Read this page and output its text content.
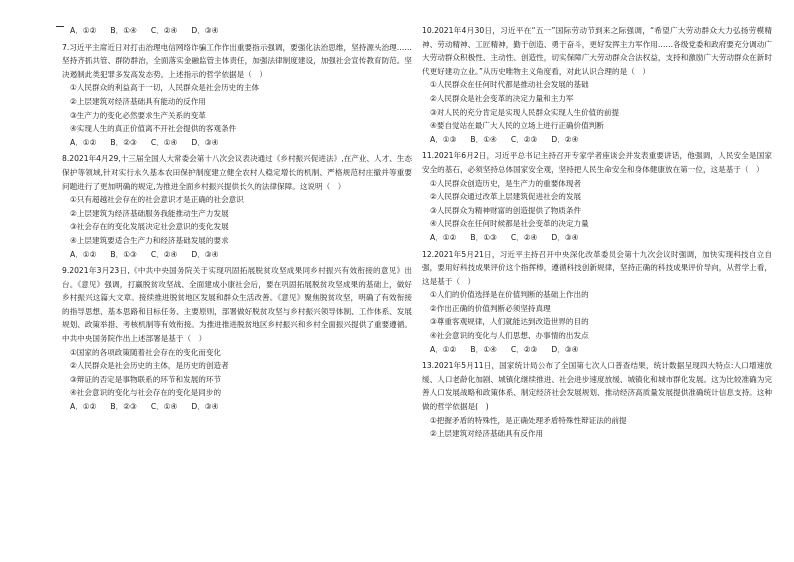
A．①②　 B．①④　 C．②④　 D．③④

7.习近平主席近日对打击治理电信网络诈骗工作作出重要指示强调，要强化法治思维，坚持源头治理……坚持齐抓共管、群防群治，全面落实金融监管主体责任，加强法律制度建设，加强社会宣传教育防范。坚决遏制此类犯罪多发高发态势。上述指示的哲学依据是（　）

①人民群众的利益高于一切，人民群众是社会历史的主体

②上层建筑对经济基础具有能动的反作用

③生产力的变化必然要求生产关系的变革

④实现人生的真正价值离不开社会提供的客观条件

A．①②　 B．②③　 C．①④　 D．③④

8.2021年4月29,十三届全国人大常委会第十八次会议表决通过《乡村振兴促进法》,在产业、人才、生态保护等领域,针对实行永久基本农田保护制度建立健全农村人稳定增长的机制、严格规范村庄撤并等重要问题进行了更加明确的规定,为推进全面乡村振兴提供长久的法律保障。这说明（　）

①只有超越社会存在的社会意识才是正确的社会意识

②上层建筑为经济基础服务我能推动生产力发展

③社会存在的变化发展决定社会意识的变化发展

④上层建筑要适合生产力和经济基础发展的要求

A．①②　 B．①③　 C．②④　 D．③④

9.2021年3月23日,《中共中央国务院关于实现巩固拓展脱贫攻坚成果同乡村振兴有效衔接的意见》出台。《意见》强调，打赢脱贫攻坚战、全面建成小康社会后，要在巩固拓展脱贫攻坚成果的基础上，做好乡村振兴这篇大文章。接续推进脱贫地区发展和群众生活改善。《意见》聚焦脱贫攻坚，明确了有效衔接的指导思想、基本思路和目标任务、主要原则，部署做好脱贫攻坚与乡村振兴领导体制、工作体系、发展规划、政策举措、考核机制等有效衔接。为推进推进脱贫地区乡村振兴和乡村全面振兴提供了重要遵循。中共中央国务院作出上述部署是基于（　）

①国家的各项政策随着社会存在的变化而变化

②人民群众是社会历史的主体，是历史的创造者

③辩证的否定是事物联系的环节和发展的环节

④社会意识的变化与社会存在的变化是同步的

A．①②　 B．②③　 C．①④　 D．③④

10.2021年4月30日，习近平在“五一”国际劳动节到来之际强调，“希望广大劳动群众大力弘扬劳模精神、劳动精神、工匠精神，勤于创造、勇于奋斗，更好发挥主力军作用……各级党委和政府要充分调动广大劳动群众积极性、主动性、创造性，切实保障广大劳动群众合法权益，支持和激励广大劳动群众在新时代更好建功立业。”从历史唯物主义角度看，对此认识合理的是（　）

①人民群众在任何时代都是推动社会发展的基础

②人民群众是社会变革的决定力量和主力军

③对人民的充分肯定是实现人民群众实现人生价值的前提

④要自觉站在最广大人民的立场上进行正确价值判断

A．①③　 B．①④　 C．②③　 D．②④

11.2021年6月2日，习近平总书记主持召开专家学者座谈会并发表重要讲话，他强调，人民安全是国家安全的基石，必须坚持总体国家安全观，坚持把人民生命安全和身体健康放在第一位，这是基于（　）

①人民群众创造历史，是生产力的重要体现者

②人民群众通过改革上层建筑促进社会的发展

③人民群众为精神财富的创造提供了物质条件

④人民群众在任何时候都是社会变革的决定力量

A．①②　 B．①③　 C．②④　 D．③④

12.2021年5月21日，习近平主持召开中央深化改革委员会第十九次会议时强调，加快实现科技自立自强，要用好科技成果评价这个指挥棒，遵循科技创新规律，坚持正确的科技成果评价导向，从哲学上看，这是基于（　）

①人们的价值选择是在价值判断的基础上作出的

②作出正确的价值判断必须坚持真理

③尊重客观规律，人们就能达到改造世界的目的

④社会意识的变化与人们思想、办事情的出发点

A．①②　 B．①④　 C．②③　 D．③④

13.2021年5月11日，国家统计局公布了全国第七次人口普查结果，统计数据呈现四大特点:人口增速放缓、人口老龄化加剧、城镇化继续推进、社会进步速度放缓、城镇化和城市群化发展。这为比较准确为完善人口发展战略和政策体系、制定经济社会发展规划、推动经济高质量发展提供准确统计信息支持。这种做的哲学依据是(　)

①把握矛盾的特殊性，是正确处理矛盾特殊性辩证法的前提

②上层建筑对经济基础具有反作用
